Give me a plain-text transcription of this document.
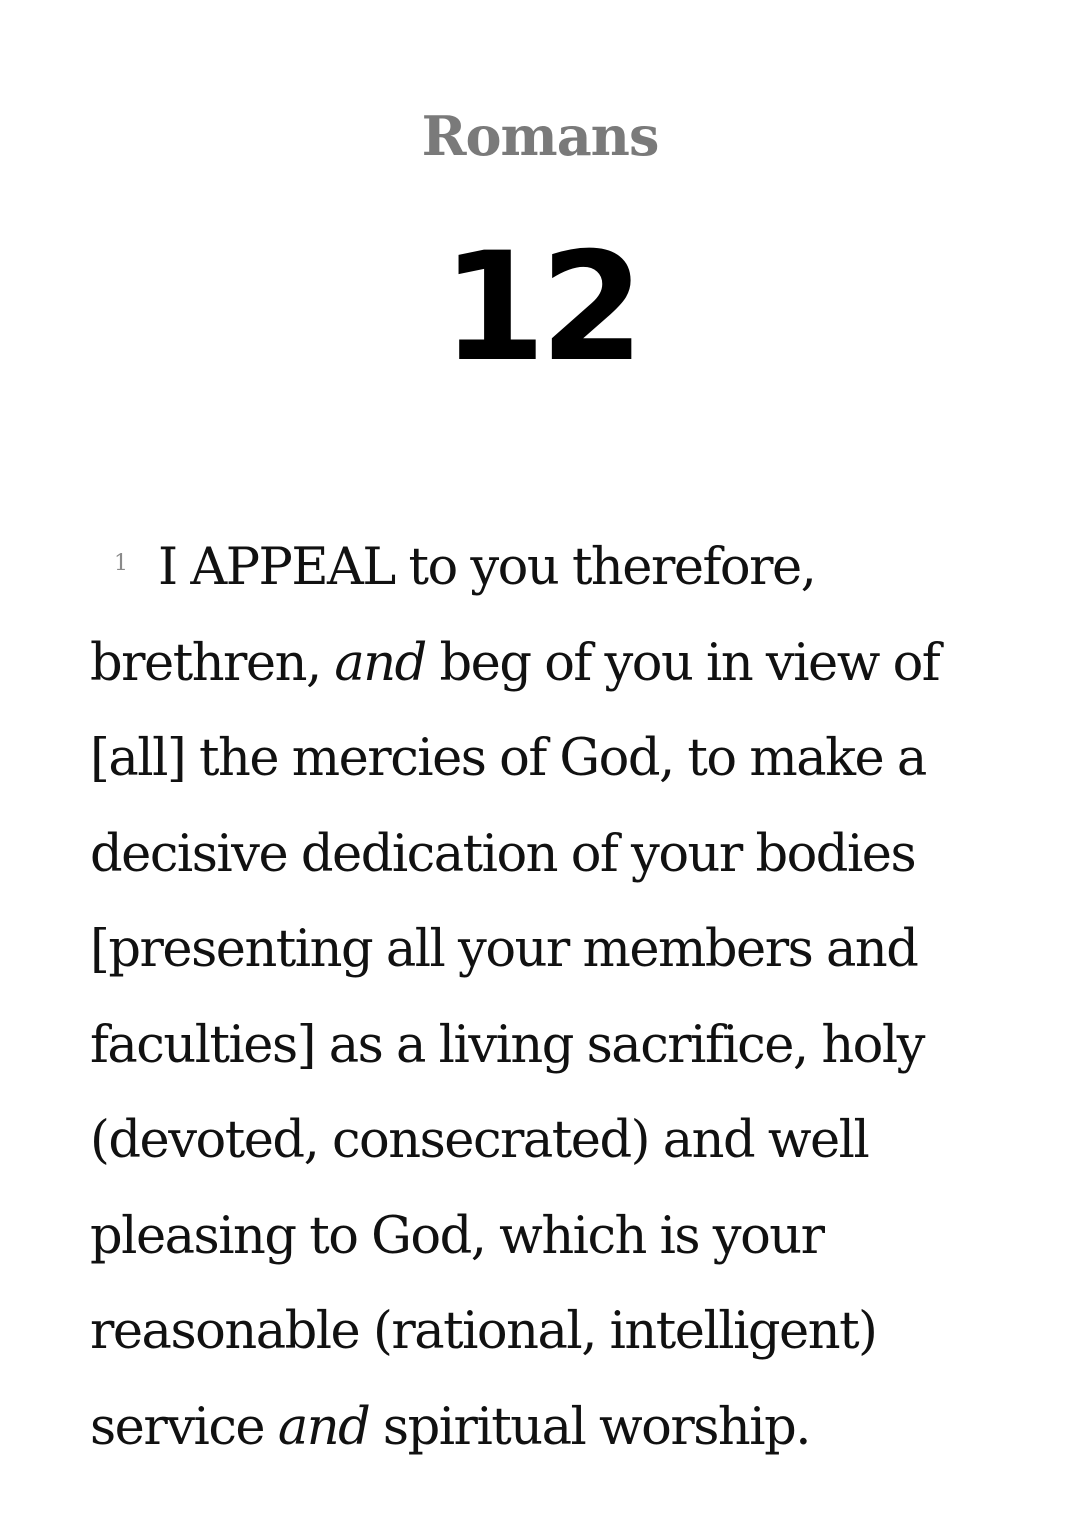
Romans
12
1 I APPEAL to you therefore,
brethren, and beg of you in view of
[all] the mercies of God, to make a
decisive dedication of your bodies
[presenting all your members and
faculties] as a living sacrifice, holy
(devoted, consecrated) and well
pleasing to God, which is your
reasonable (rational, intelligent)
service and spiritual worship.
